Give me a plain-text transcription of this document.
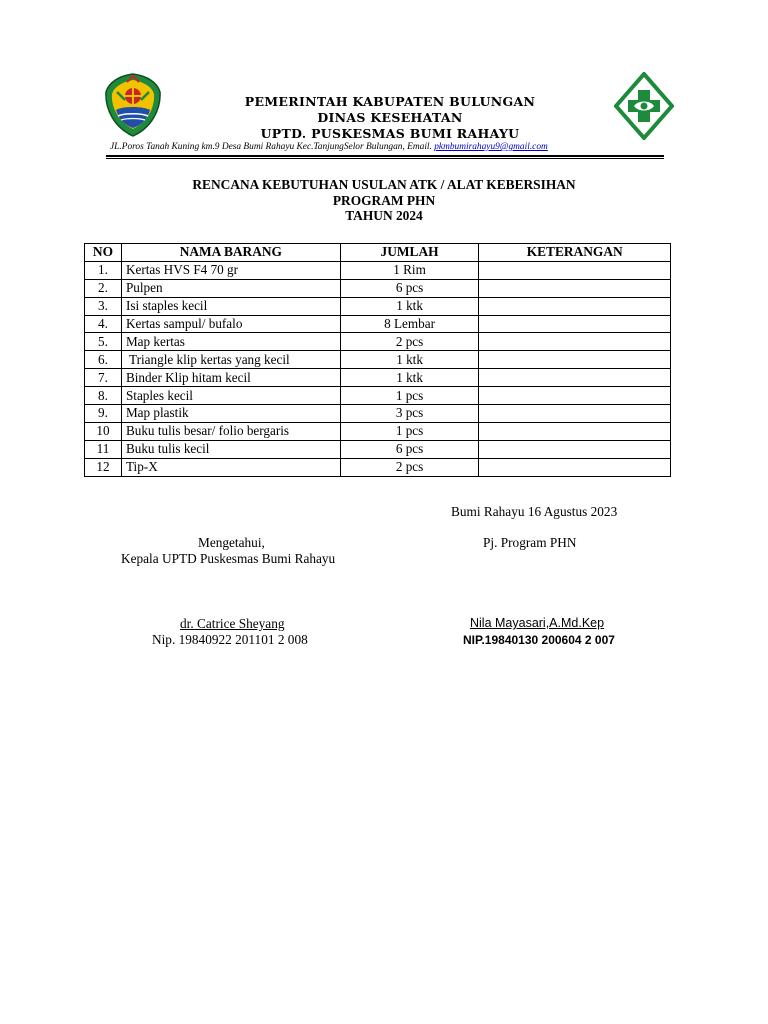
PEMERINTAH KABUPATEN BULUNGAN
DINAS KESEHATAN
UPTD. PUSKESMAS BUMI RAHAYU
JL.Poros Tanah Kuning km.9 Desa Bumi Rahayu Kec.TanjungSelor Bulungan, Email. pkmbumirahayu9@gmail.com
RENCANA KEBUTUHAN USULAN ATK / ALAT KEBERSIHAN
PROGRAM PHN
TAHUN 2024
NO	NAMA BARANG	JUMLAH	KETERANGAN
1.	Kertas HVS F4 70 gr	1 Rim	
2.	Pulpen	6 pcs	
3.	Isi staples kecil	1 ktk	
4.	Kertas sampul/ bufalo	8 Lembar	
5.	Map kertas	2 pcs	
6.	Triangle klip kertas yang kecil	1 ktk	
7.	Binder Klip hitam kecil	1 ktk	
8.	Staples kecil	1 pcs	
9.	Map plastik	3 pcs	
10	Buku tulis besar/ folio bergaris	1 pcs	
11	Buku tulis kecil	6 pcs	
12	Tip-X	2 pcs	
Bumi Rahayu 16 Agustus 2023
Mengetahui,
Kepala UPTD Puskesmas Bumi Rahayu
Pj. Program PHN
dr. Catrice Sheyang
Nip. 19840922 201101 2 008
Nila Mayasari,A.Md.Kep
NIP.19840130 200604 2 007
